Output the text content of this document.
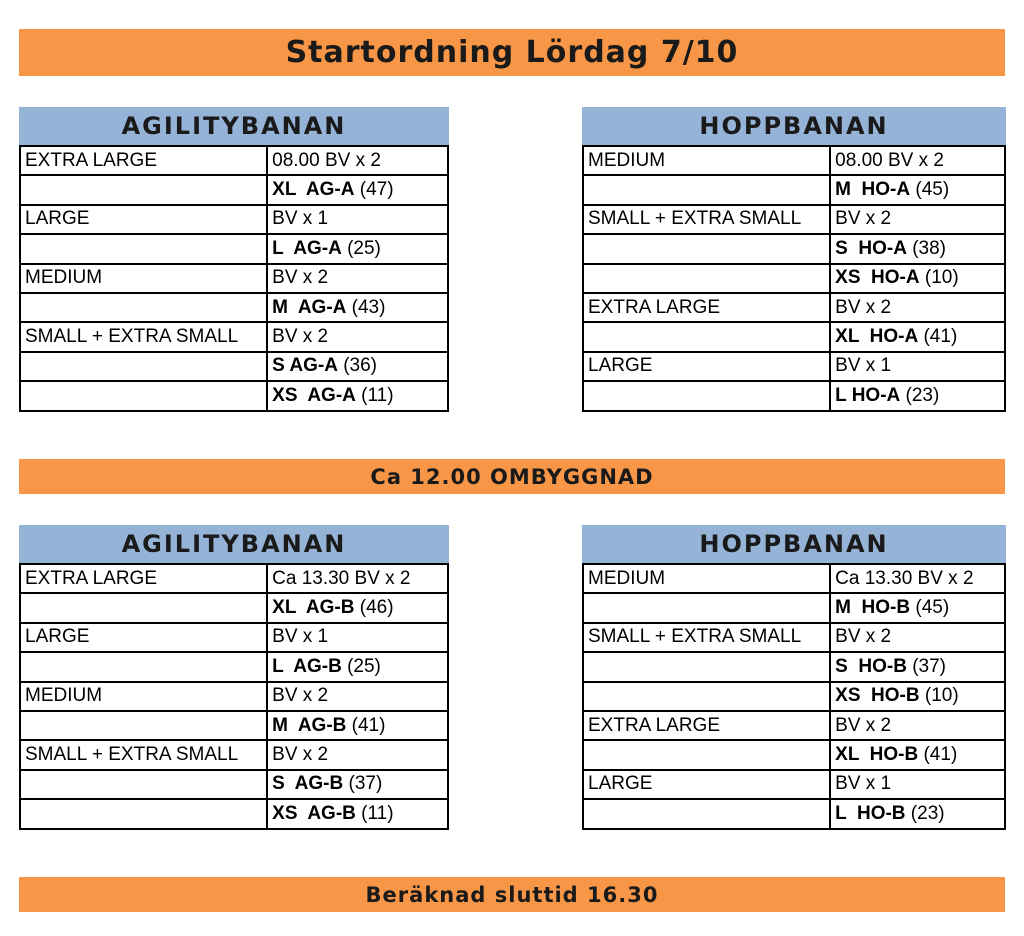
Startordning Lördag 7/10
AGILITYBANAN	
EXTRA LARGE	08.00 BV x 2
	XL  AG-A (47)
LARGE	BV x 1
	L  AG-A (25)
MEDIUM	BV x 2
	M  AG-A (43)
SMALL + EXTRA SMALL	BV x 2
	S AG-A (36)
	XS  AG-A (11)
HOPPBANAN	
MEDIUM	08.00 BV x 2
	M  HO-A (45)
SMALL + EXTRA SMALL	BV x 2
	S  HO-A (38)
	XS  HO-A (10)
EXTRA LARGE	BV x 2
	XL  HO-A (41)
LARGE	BV x 1
	L HO-A (23)
Ca 12.00 OMBYGGNAD
AGILITYBANAN	
EXTRA LARGE	Ca 13.30 BV x 2
	XL  AG-B (46)
LARGE	BV x 1
	L  AG-B (25)
MEDIUM	BV x 2
	M  AG-B (41)
SMALL + EXTRA SMALL	BV x 2
	S  AG-B (37)
	XS  AG-B (11)
HOPPBANAN	
MEDIUM	Ca 13.30 BV x 2
	M  HO-B (45)
SMALL + EXTRA SMALL	BV x 2
	S  HO-B (37)
	XS  HO-B (10)
EXTRA LARGE	BV x 2
	XL  HO-B (41)
LARGE	BV x 1
	L  HO-B (23)
Beräknad sluttid 16.30
